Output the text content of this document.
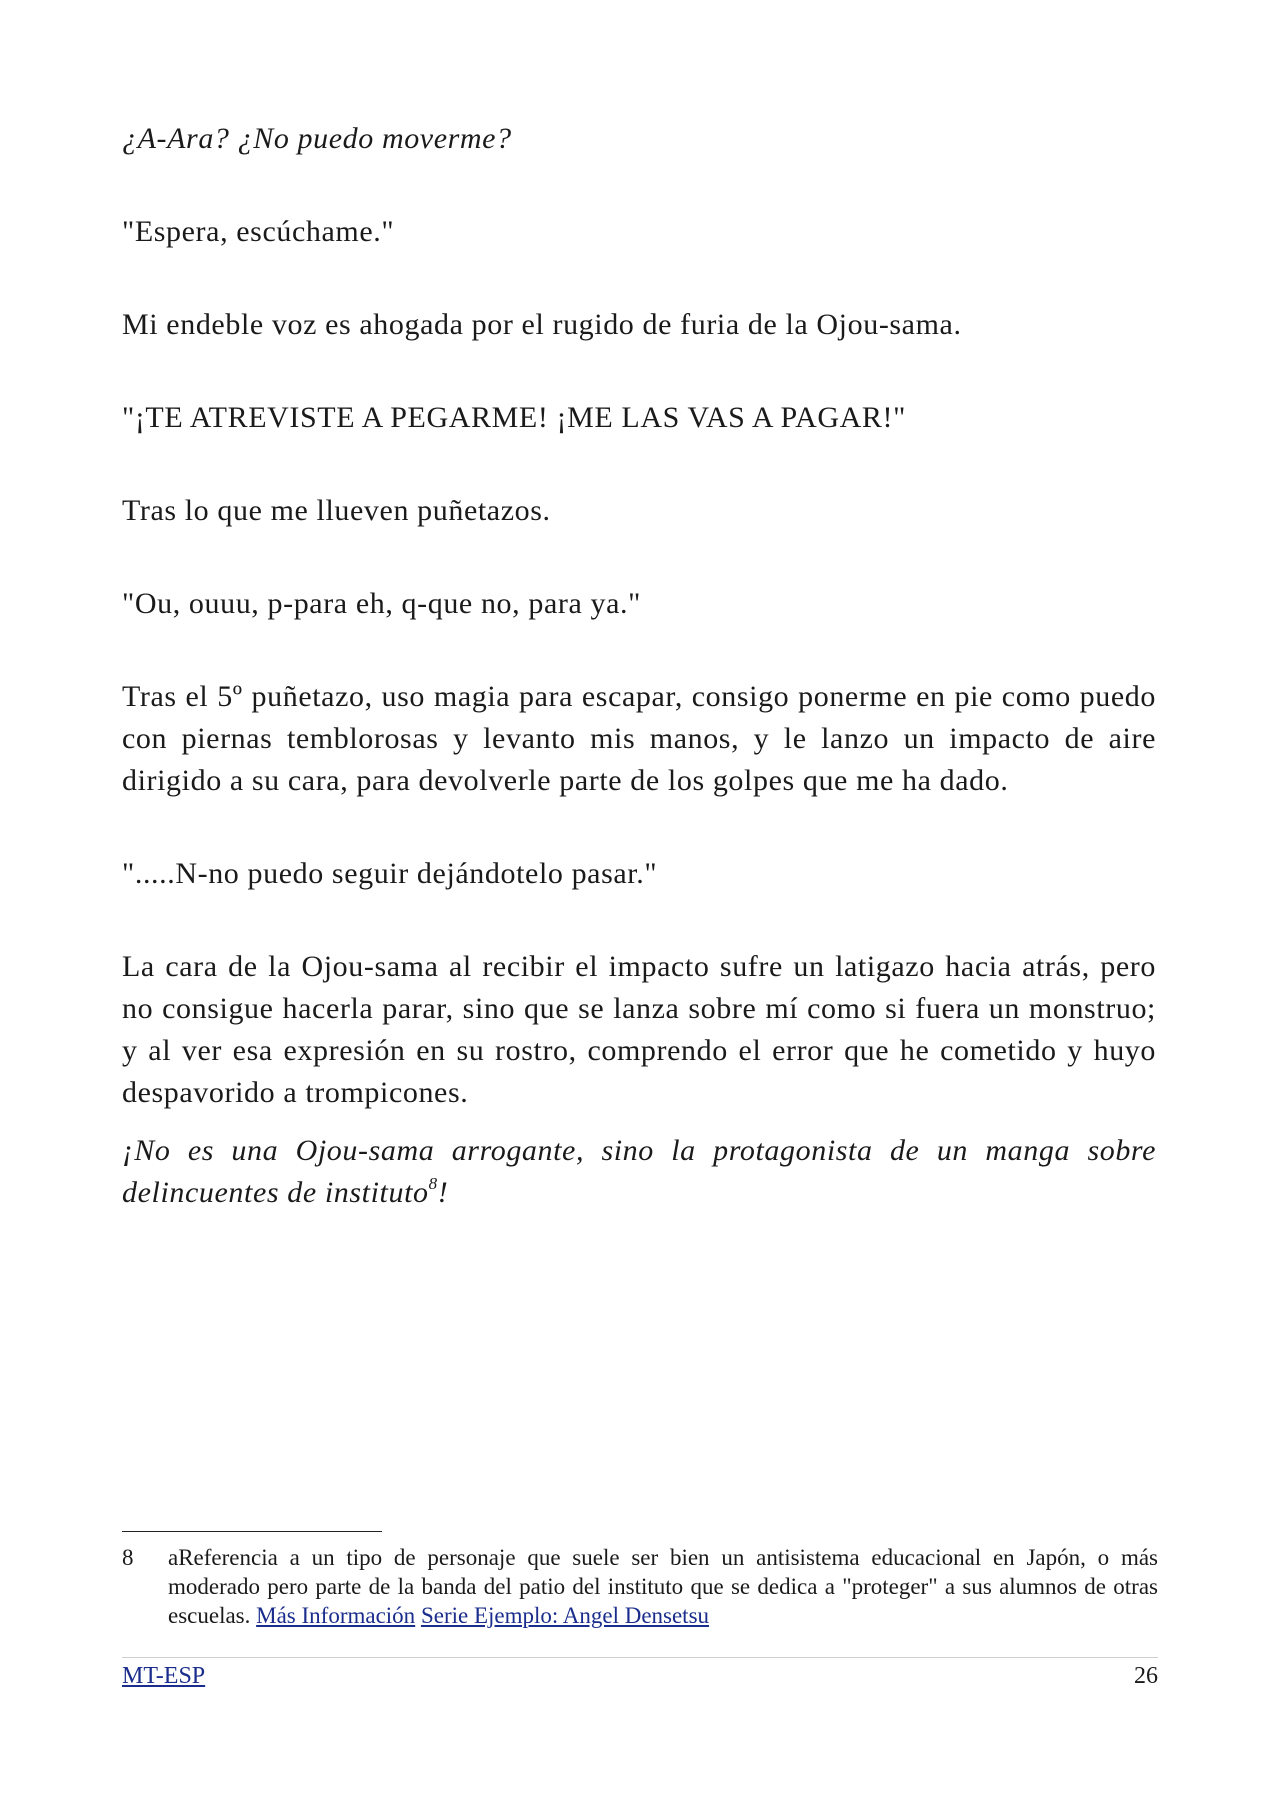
¿A-Ara? ¿No puedo moverme?

"Espera, escúchame."

Mi endeble voz es ahogada por el rugido de furia de la Ojou-sama.

"¡TE ATREVISTE A PEGARME! ¡ME LAS VAS A PAGAR!"

Tras lo que me llueven puñetazos.

"Ou, ouuu, p-para eh, q-que no, para ya."

Tras el 5º puñetazo, uso magia para escapar, consigo ponerme en pie como puedo con piernas temblorosas y levanto mis manos, y le lanzo un impacto de aire dirigido a su cara, para devolverle parte de los golpes que me ha dado.

".....N-no puedo seguir dejándotelo pasar."

La cara de la Ojou-sama al recibir el impacto sufre un latigazo hacia atrás, pero no consigue hacerla parar, sino que se lanza sobre mí como si fuera un monstruo; y al ver esa expresión en su rostro, comprendo el error que he cometido y huyo despavorido a trompicones.

¡No es una Ojou-sama arrogante, sino la protagonista de un manga sobre delincuentes de instituto$^8$!

8	aReferencia a un tipo de personaje que suele ser bien un antisistema educacional en Japón, o más moderado pero parte de la banda del patio del instituto que se dedica a "proteger" a sus alumnos de otras escuelas. Más Información Serie Ejemplo: Angel Densetsu
MT-ESP	26
